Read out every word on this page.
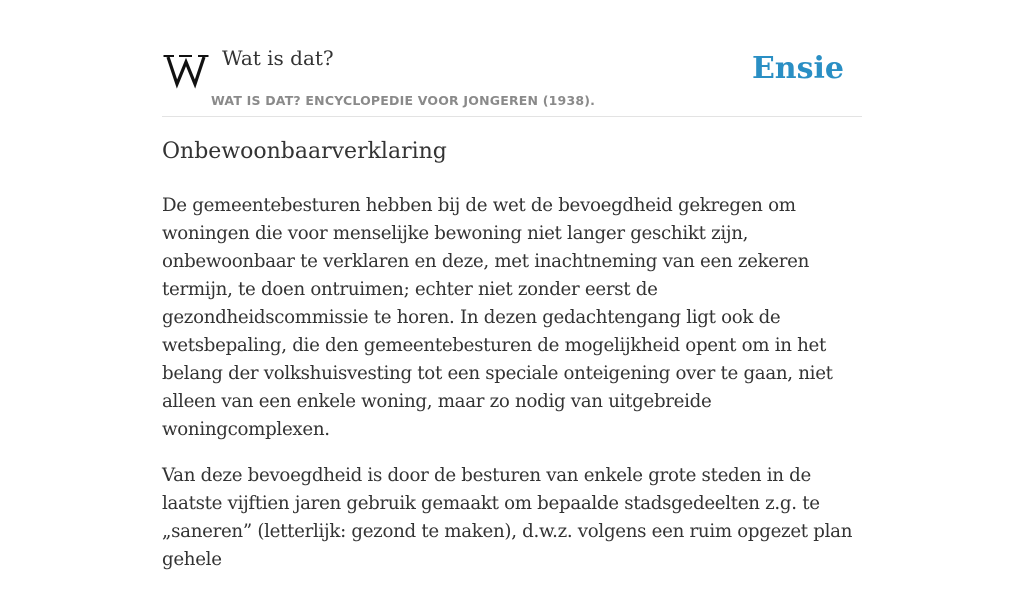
Wat is dat?
WAT IS DAT? ENCYCLOPEDIE VOOR JONGEREN (1938).
Ensie
Onbewoonbaarverklaring

De gemeentebesturen hebben bij de wet de bevoegdheid gekregen om woningen die voor menselijke bewoning niet langer geschikt zijn, onbewoonbaar te verklaren en deze, met inachtneming van een zekeren termijn, te doen ontruimen; echter niet zonder eerst de gezondheidscommissie te horen. In dezen gedachtengang ligt ook de wetsbepaling, die den gemeentebesturen de mogelijkheid opent om in het belang der volkshuisvesting tot een speciale onteigening over te gaan, niet alleen van een enkele woning, maar zo nodig van uitgebreide woningcomplexen.

Van deze bevoegdheid is door de besturen van enkele grote steden in de laatste vijftien jaren gebruik gemaakt om bepaalde stadsgedeelten z.g. te „saneren” (letterlijk: gezond te maken), d.w.z. volgens een ruim opgezet plan gehele
